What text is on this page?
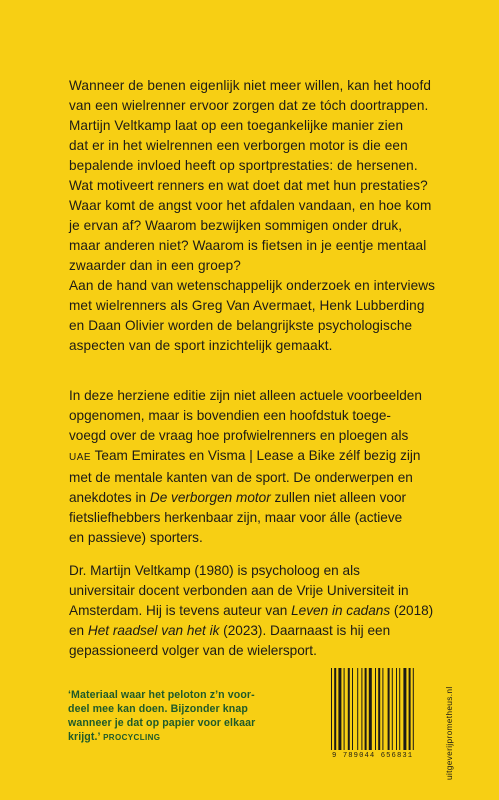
Wanneer de benen eigenlijk niet meer willen, kan het hoofd

van een wielrenner ervoor zorgen dat ze tóch doortrappen.

Martijn Veltkamp laat op een toegankelijke manier zien

dat er in het wielrennen een verborgen motor is die een

bepalende invloed heeft op sportprestaties: de hersenen.

Wat motiveert renners en wat doet dat met hun prestaties?

Waar komt de angst voor het afdalen vandaan, en hoe kom

je ervan af? Waarom bezwijken sommigen onder druk,

maar anderen niet? Waarom is fietsen in je eentje mentaal

zwaarder dan in een groep?

Aan de hand van wetenschappelijk onderzoek en interviews

met wielrenners als Greg Van Avermaet, Henk Lubberding

en Daan Olivier worden de belangrijkste psychologische

aspecten van de sport inzichtelijk gemaakt.

In deze herziene editie zijn niet alleen actuele voorbeelden
opgenomen, maar is bovendien een hoofdstuk toege-
voegd over de vraag hoe profwielrenners en ploegen als
UAE Team Emirates en Visma | Lease a Bike zélf bezig zijn
met de mentale kanten van de sport. De onderwerpen en
anekdotes in De verborgen motor zullen niet alleen voor
fietsliefhebbers herkenbaar zijn, maar voor álle (actieve
en passieve) sporters.
Dr. Martijn Veltkamp (1980) is psycholoog en als
universitair docent verbonden aan de Vrije Universiteit in
Amsterdam. Hij is tevens auteur van Leven in cadans (2018)
en Het raadsel van het ik (2023). Daarnaast is hij een
gepassioneerd volger van de wielersport.
‘Materiaal waar het peloton z’n voor-
deel mee kan doen. Bijzonder knap
wanneer je dat op papier voor elkaar
krijgt.’ PROCYCLING
9 789044 656831	uitgeverijprometheus.nl
